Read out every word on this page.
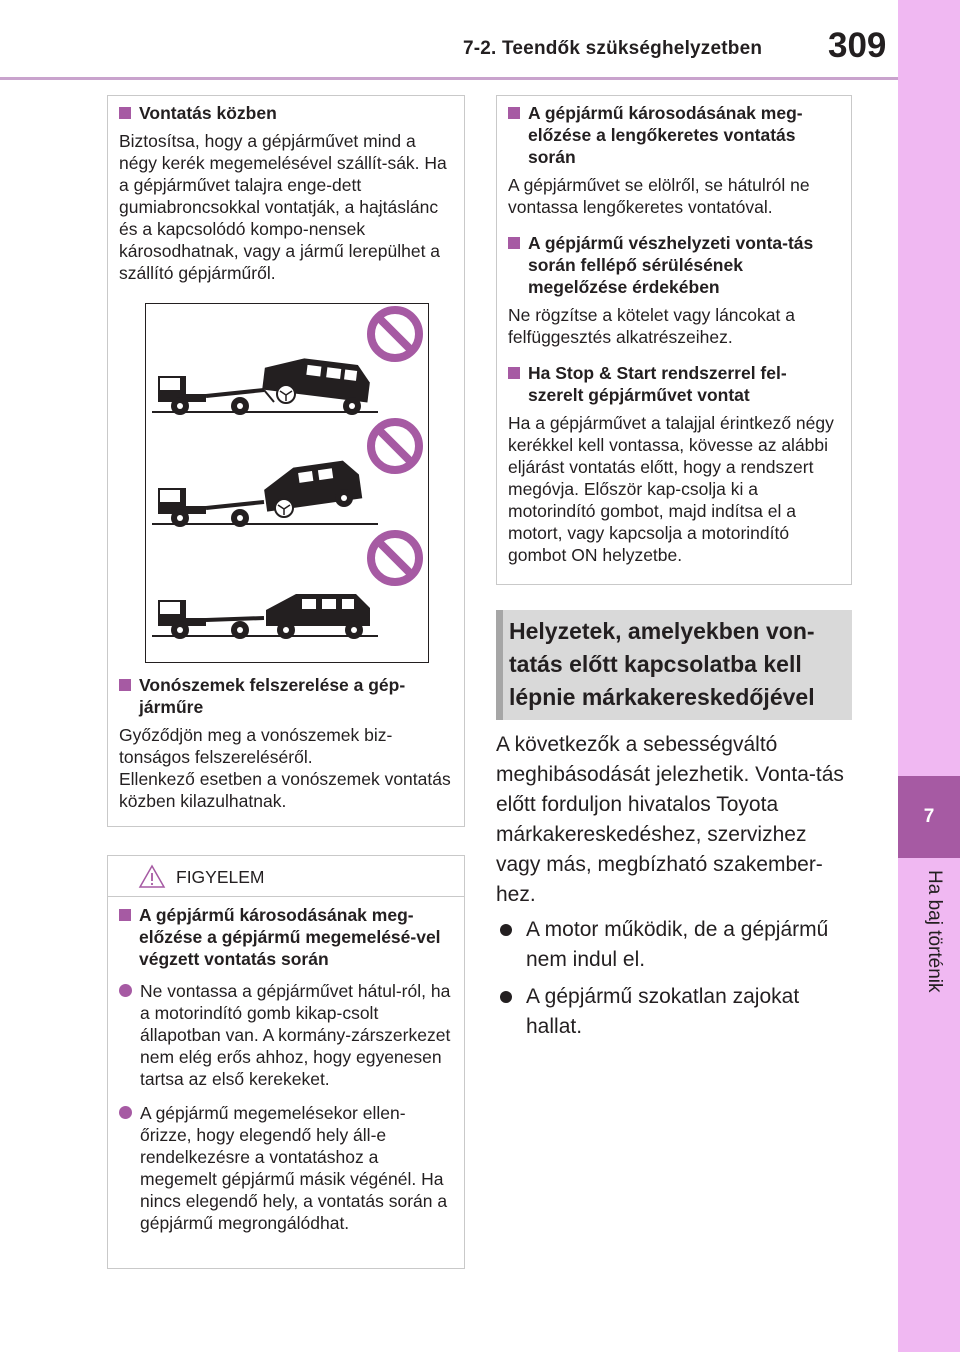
7-2. Teendők szükséghelyzetben 309
7
Ha baj történik
Vontatás közben
Biztosítsa, hogy a gépjárművet mind a négy kerék megemelésével szállít-sák. Ha a gépjárművet talajra enge-dett gumiabroncsokkal vontatják, a hajtáslánc és a kapcsolódó kompo-nensek károsodhatnak, vagy a jármű lerepülhet a szállító gépjárműről.
Vonószemek felszerelése a gép-járműre
Győződjön meg a vonószemek biz-tonságos felszereléséről.
Ellenkező esetben a vonószemek vontatás közben kilazulhatnak.
FIGYELEM
A gépjármű károsodásának meg-előzése a gépjármű megemelésé-vel végzett vontatás során
Ne vontassa a gépjárművet hátul-ról, ha a motorindító gomb kikap-csolt állapotban van. A kormány-zárszerkezet nem elég erős ahhoz, hogy egyenesen tartsa az első kerekeket.
A gépjármű megemelésekor ellen-őrizze, hogy elegendő hely áll-e rendelkezésre a vontatáshoz a megemelt gépjármű másik végénél. Ha nincs elegendő hely, a vontatás során a gépjármű megrongálódhat.
A gépjármű károsodásának meg-előzése a lengőkeretes vontatás során
A gépjárművet se elölről, se hátulról ne vontassa lengőkeretes vontatóval.
A gépjármű vészhelyzeti vonta-tás során fellépő sérülésének megelőzése érdekében
Ne rögzítse a kötelet vagy láncokat a felfüggesztés alkatrészeihez.
Ha Stop & Start rendszerrel fel-szerelt gépjárművet vontat
Ha a gépjárművet a talajjal érintkező négy kerékkel kell vontassa, kövesse az alábbi eljárást vontatás előtt, hogy a rendszert megóvja. Először kap-csolja ki a motorindító gombot, majd indítsa el a motort, vagy kapcsolja a motorindító gombot ON helyzetbe.
Helyzetek, amelyekben von-tatás előtt kapcsolatba kell lépnie márkakereskedőjével
A következők a sebességváltó meghibásodását jelezhetik. Vonta-tás előtt forduljon hivatalos Toyota márkakereskedéshez, szervizhez vagy más, megbízható szakember-hez.
A motor működik, de a gépjármű nem indul el.
A gépjármű szokatlan zajokat hallat.
